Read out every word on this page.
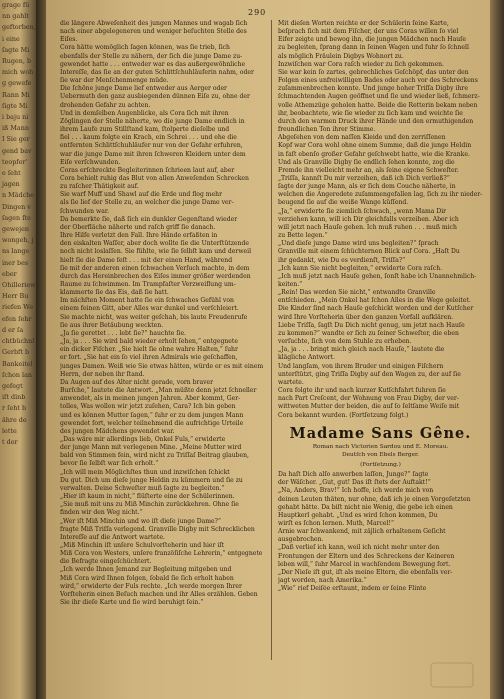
grage fü
nn gahlt
geftorben,
i eine
ſagte Mi
Rugen, b
mich woh
g gewefe
Rann Mi
ſigte Mi
i baju ni
iß Mann
I Sie ger
gend bav
teopfer’
e ſeht
jagen
n Mädche
Dingen v
ſagen ſte
gewejen
wongeh, j
ns lange
iner bes
eber
Ohilleriew
Herr Bu
riefen We
efen ſehr
d er ſa
chtbüchnl
Gerbft b
Bankeitel
ſchon lan
gefegt
iſt dinb
r ſeht b
ähre de
lette
t der
290
die längere Abweſenheit des jungen Mannes und wagab ſich
nach einer abgelegeneren und weniger beſuchten Stelle des
Eiſes.
Cora hätte womöglich ſagen können, was ſie trieb, ſich
ebenfalls der Stelle zu nähern, der ſich die junge Dame zu-
gewendet hatte . . . entweder war es das außergewöhnliche
Intereſſe, das ſie an der guten Schlittſchuhläuferin nahm, oder
ſie war der Menſchenmenge müde.
Die ſchöne junge Dame lief entweder aus Aerger oder
Uebermuth den ganz ausbiegenden dünnen Eiſe zu, ohne der
drohenden Gefahr zu achten.
Und in demſelben Augenblicke, als Cora ſich mit ihren
Zöglingen der Stelle näherte, wo die junge Dame endlich in
ihrem Laufe zum Stillſtand kam, ſtolperte dieſelbe und
fiel . . . kaum folgte ein Krach, ein Schrei . . . und ehe die
entfernten Schlittſchuhläufer nur von der Gefahr erfuhren,
war die junge Dame mit ihren ſchweren Kleidern unter dem
Eiſe verſchwunden.
Coras erſchreckte Begleiterinnen ſchrieen laut auf, aber
Cora behielt ruhig das Blut von allen Anweſenden Schrecken
zu raſcher Thätigkeit auf.
Sie warf Muff und Shawl auf die Erde und flog mehr
als ſie lief der Stelle zu, an welcher die junge Dame ver-
ſchwunden war.
Da bemerkte ſie, daß ſich ein dunkler Gegenſtand wieder
der Oberfläche näherte und raſch griff ſie danach.
Ihre Hilfe verletzt den Fall. Ihre Hände erfaßten in
den eiskalten Waſſer, aber doch wollte ſie die Unterſtützende
noch nicht loslaſſen. Sie fühlte, wie ſie ſelbſt kam und derweil
hielt ſie die Dame feſt . . . mit der einen Hand, während
ſie mit der anderen einen ſchwachen Verſuch machte, in dem
durch das Hereinbrechen des Eiſes immer größer werdenden
Raume zu ſchwimmen. Im Trampfaſter Verzweiflung um-
klammerte ſie das Eis, daß ſie hatt.
Im nächſten Moment hatte ſie ein ſchwaches Gefühl von
einem feinen Gitt, aber Alles war dunkel und verſchleiert.
Sie machte nicht, was weiter geſchah, bis laute Freudenrufe
ſie aus ihrer Betäubung weckten.
„Ja ſie gerettet . . . lebt ſie?“ hauchte ſie.
„Ja, ja . . . Sie wird bald wieder erholt ſehen,“ entgegnete
ein dicker Fiſcher. „Sie hielt ſie ohne wahre Halten,“ ſuhr
er fort. „Sie hat ein ſo viel ihren Admirals wie geſchaffen,
junges Damen. Weiß wie Sie etwas hätten, würde er es mit einem
Herrn, der neben ihr ſtand.
Da Augen auf des Alter nicht gerade, vorn braver
Burſche,“ lautete die Antwort. „Man müßte denn jetzt ſchneller
anwendet, als in meinen jungen Jahren. Aber kommt, Ger-
tolles, Was wollen wir jetzt zuſehen, Cara? Ich bin geben
und es können Mutter ſagen,“ ſuhr er zu dem jungen Mann
gewendet fort, welcher teilnehmend die aufrichtige Urteile
des jungen Mädchens gewendet war.
„Das wäre mir allerdings lieb, Onkel Fuls,“ erwiderte
der junge Mann mit verlegenen Mine. „Meine Mutter wird
bald von Stimmen fein, wird nicht zu Triſſaſ Beitrag glauben,
bevor ſie ſelbſt war ſich erholt.“
„Ich will mein Möglichſtes thun und inzwiſchen ſchickt
Du gut. Dich um dieſe junge Heldin zu kümmern und ſie zu
verwalten. Deine Schweſter muß ſagte zu begleiten.“
„Hier iſt kaum in nicht,“ flüſterte eine der Schülerinnen.
„Sie muß mit uns zu Miß Minchin zurückkehren. Ohne ſie
finden wir den Weg nicht.“
„Wer iſt Miß Minchin und wo iſt dieſe junge Dame?“
fragte Miß Triſſa verlegend. Granville Digby mit Schrecklichen
Intereſſe auf die Antwort wartete.
„Miß Minchin iſt unſere Schulvorſteherin und hier iſt
Miß Cora von Westers, unſere franzöſiſche Lehrerin,“ entgegnete
die Befragte eingeſchüchtert.
„Ich werde Ihnen Jemand zur Begleitung mitgeben und
Miß Cora wird Ihnen folgen, ſobald ſie ſich erholt haben
wird,“ erwiderte der Fuls rechte. „Ich werde morgen Ihrer
Vorſteherin einen Beſuch machen und ihr Alles erzählen. Geben
Sie ihr dieſe Karte und ſie wird beruhigt ſein.“
Mit dieſen Worten reichte er der Schülerin ſeine Karte,
beſprach ſich mit dem Fiſcher, der uns Coras willen ſo viel
Eifer zeigte und bewog ihn, die jungen Mädchen nach Hauſe
zu begleiten, ſprang dann in ſeinen Wagen und fuhr ſo ſchnell
als möglich Fräulein Digbys Wohnort zu.
Inzwiſchen war Cora raſch wieder zu ſich gekommen.
Sie war kein ſo zartes, gebrechliches Geſchöpf, das unter den
Folgen eines unfreiwilligen Bades oder auch vor des Schreckens
zuſammenbrechen konnte. Und junge hoher Triſſa Digby ihre
ſchmachtenden Augen geöffnet und ſie und wieder ließ, ſchmerz-
volle Athemzüge geholen hatte. Beide die Retterin bekam neben
ihr, beobachtete, wie ſie wieder zu ſich kam und weichte ſie
durch den warmen Druck ihrer Hände und den ermuthigenden
freundlichen Ton ihrer Stimme.
Abgeſehen von dem naſſen Kleide und den zerriſſenen
Kopf war Cora wohl ohne einem Summe, daß die junge Heldin
in faſt ebenſo großer Gefahr geſchwebt hatte, wie die Kranke.
Und als Granville Digby ſie endlich ſehen konnte, zog die
Fremde ihn vielleicht mehr an, als ſeine eigene Schweſter.
„Triſſa, kannſt Du mir verzeihen, daß ich Dich verließ?“
ſagte der junge Mann, als er ſich dem Couche näherte, in
welchen die Angeredete zuſammengefallen lag, ſich zu ihr nieder-
beugend ſie auf die weiße Wange küſſend.
„Ja,“ erwiderte ſie ziemlich ſchwach, „wenn Mama Dir
verziehen kann, will ich Dir gleichfalls verzeihen. Aber ich
will jetzt nach Hauſe gehen. Ich muß ruhen . . . muß mich
zu Bette legen.“
„Und dieſe junge Dame wird uns begleiten?“ ſprach
Granville mit einem ſchüchternen Blick auf Cora. „Haſt Du
ihr gedankt, wie Du es verdienſt, Triſſa?“
„Ich kann Sie nicht begleiten,“ erwiderte Cora raſch.
„Ich muß jetzt nach Hauſe gehen, ſonſt habe ich Unannehmlich-
keiten.“
„Rein! Das werden Sie nicht,“ entwandte Granville
entſchieden. „Mein Onkel hat ſchon Alles in die Wege geleitet.
Die Kinder ſind nach Hauſe geſchickt worden und der Kutſcher
wird Ihre Vorſteherin über den ganzen Vorfall aufklären.
Liebe Triſſa, ſagſt Du Dich nicht genug, um jetzt nach Hauſe
zu kommen?“ wandte er ſich zu ſeiner Schweſter, die eben
verſuchte, ſich von dem Stuhle zu erheben.
„Ja, ja . . . bringt mich gleich nach Hauſe,“ lautete die
klägliche Antwort.
Und langſam, von ihrem Bruder und einigen Fiſchern
unterſtützt, ging Triſſa Digby auf den Wagen zu, der auf ſie
wartete.
Cora folgte ihr und nach kurzer Kutſchfahrt fuhren ſie
nach Part Creſcent, der Wohnung von Frau Digby, der ver-
wittweten Mutter der beiden, die auf ſo ſeltſame Weiſe mit
Cora bekannt wurden. (Fortſetzung folgt.)
Madame Sans Gêne.
Roman nach Victorien Sardou und E. Moreau.
Deutſch von Ebels Berger.
(Fortſetzung.)
Da haſt Dich alſo anwerben laſſen, Junge?“ ſagte
der Wäſcher. „Gut, gut! Das iſt ſtets der Auftakt!“
„Na, Anders, Brav!“ Ich hoffe, ich werde mich von
deinen Leuten thäten, nur ohne, daß ich je einen Vorgeſetzten
gehabt hätte. Da biſt nicht nie Wenig, die gebe ich einen
Hauptkerl gehabt. „Und es wird ſchon kommen, Du
wirſt es ſchon lernen. Muth, Marcel!“
Arnie war ſchwankend, mit zäjlich erhaltenem Geſicht
ausgebrochen.
„Daß verlieſ ich kann, weil ich nicht mehr unter den
Frontungen der Eltern und des Schreckens der Keineren
leben will,“ ſuhr Marcel in wachſendem Bewegung fort.
„Der Nieſe iſt gut, iſt als meine Eltern, die ebenfalls ver-
jagt worden, nach Amerika.“
„Wie“ rief Deiſée erſtaunt, indem er ſeine Flinte
